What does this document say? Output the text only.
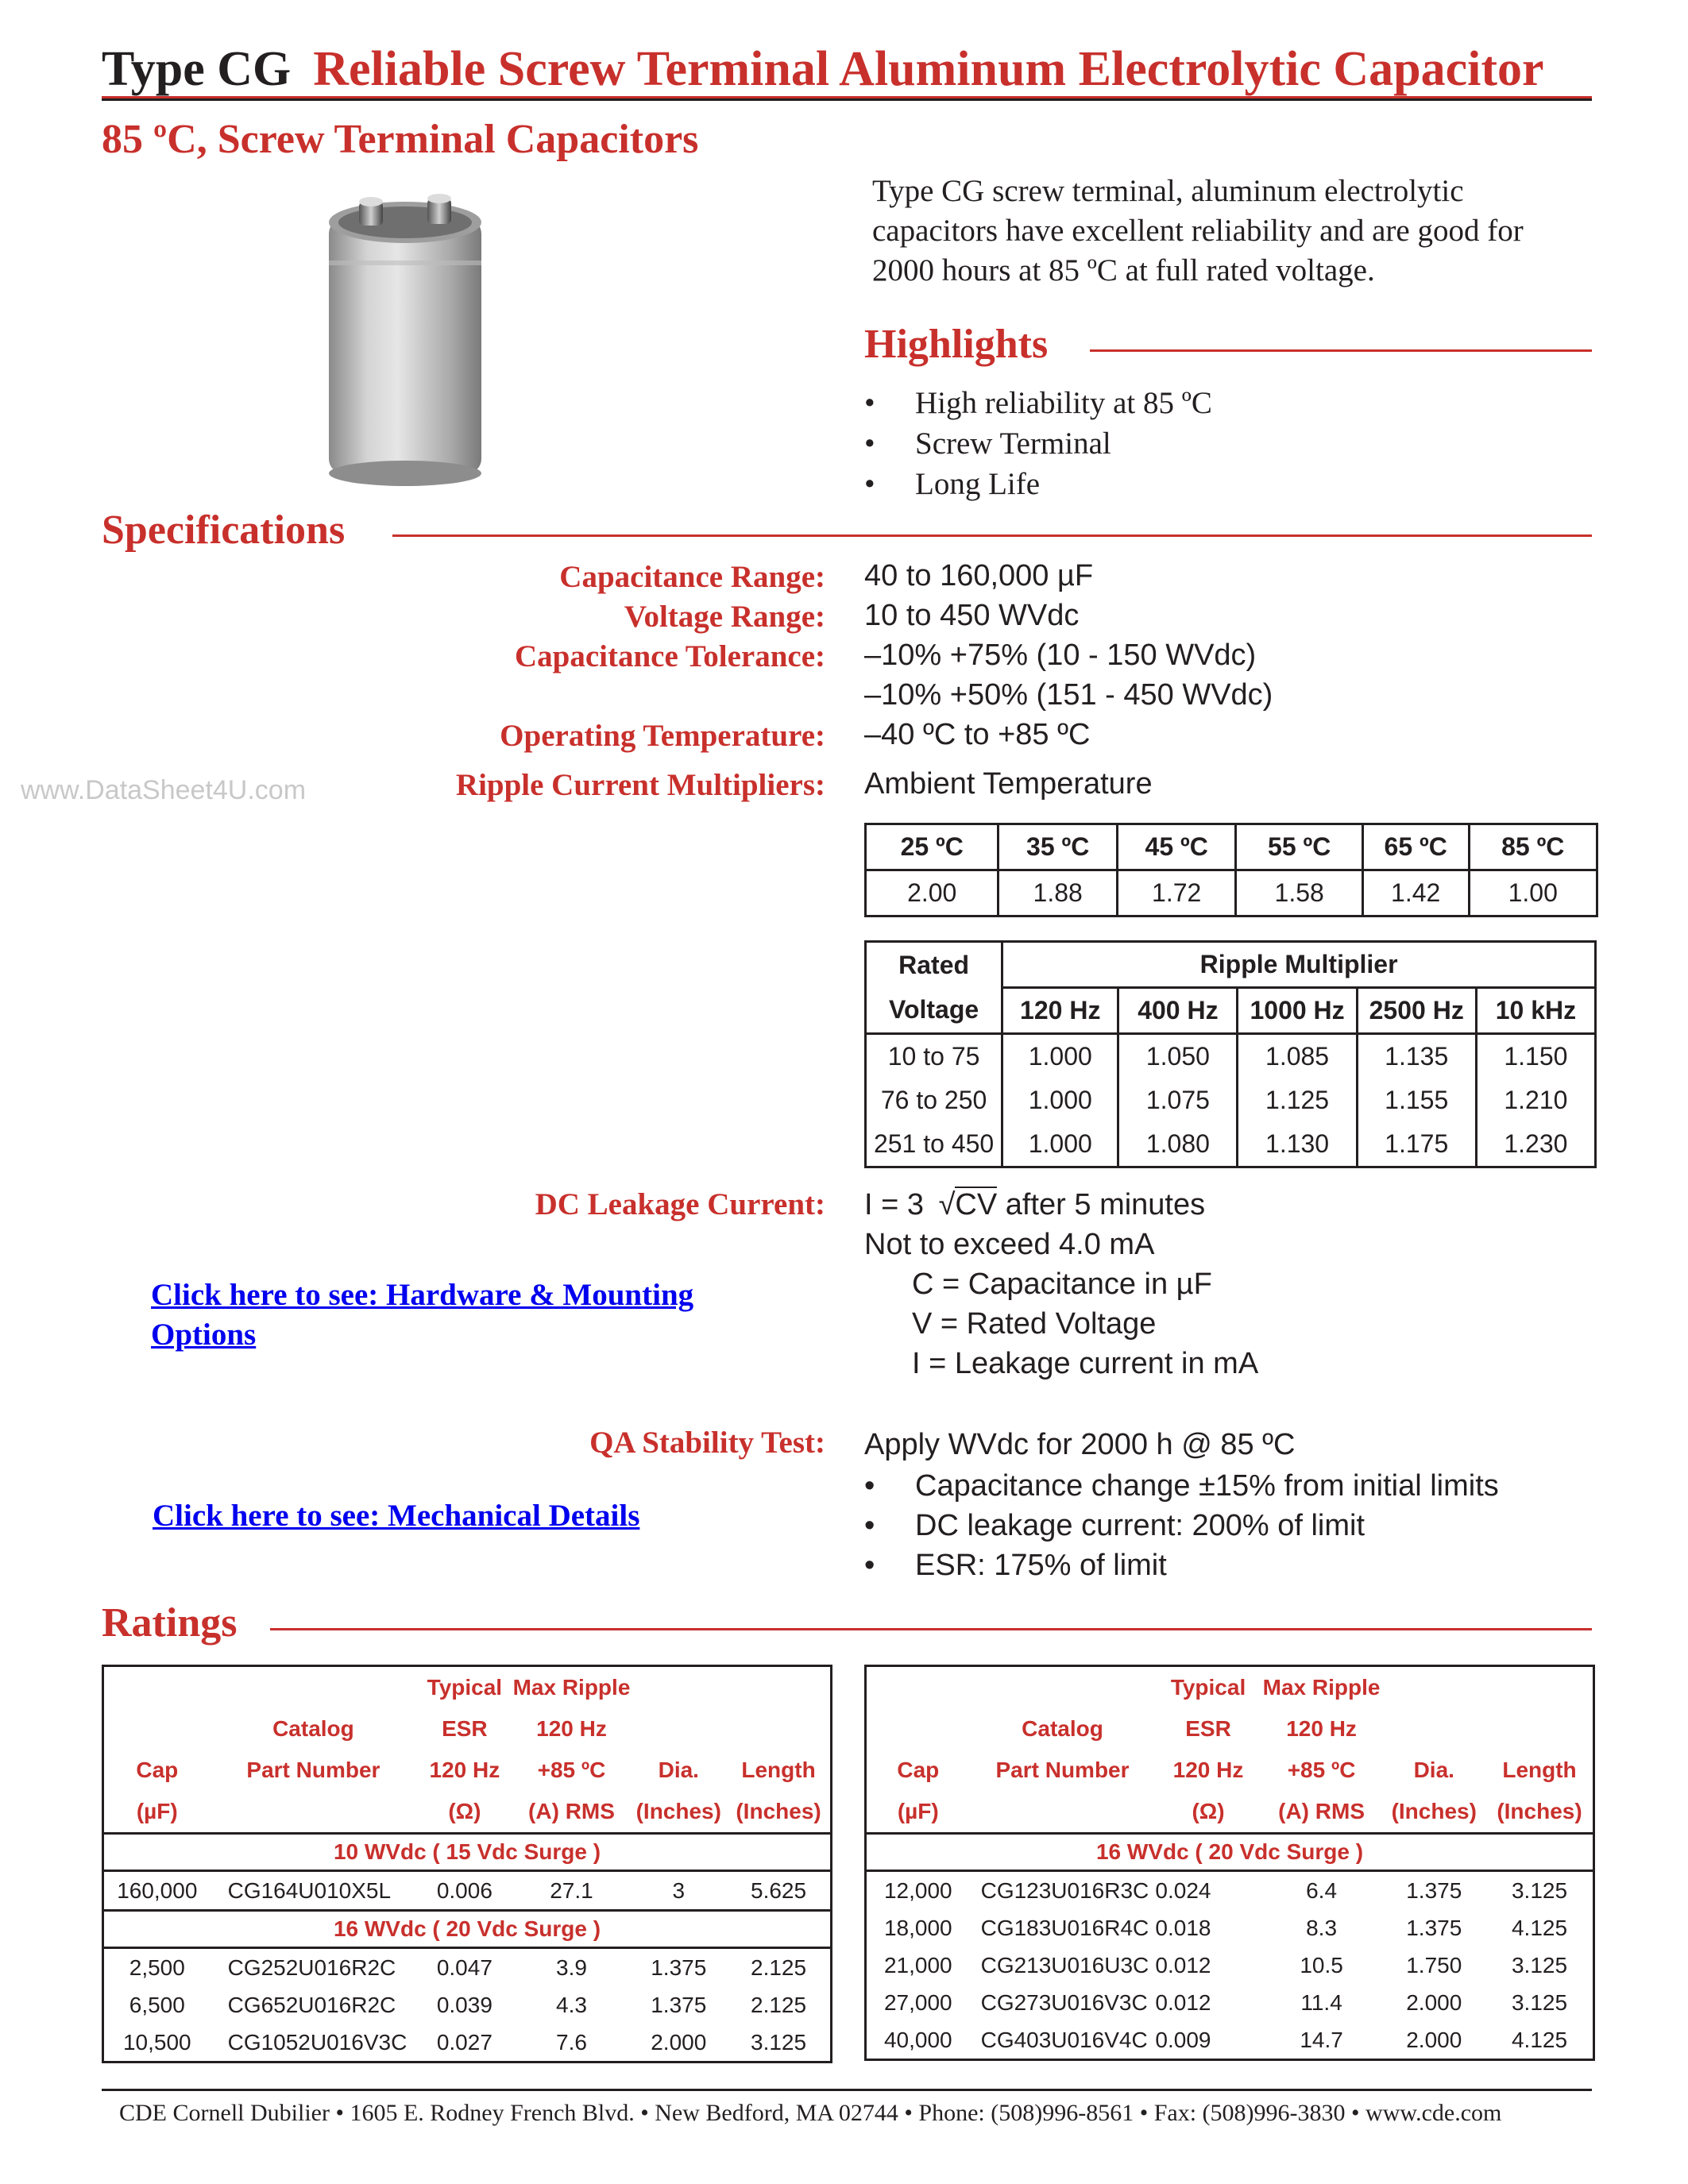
Type CG Reliable Screw Terminal Aluminum Electrolytic Capacitor
85 ºC, Screw Terminal Capacitors
Type CG screw terminal, aluminum electrolytic capacitors have excellent reliability and are good for 2000 hours at 85 ºC at full rated voltage.
Highlights
• High reliability at 85 ºC
• Screw Terminal
• Long Life
Specifications
Capacitance Range: 40 to 160,000 µF
Voltage Range: 10 to 450 WVdc
Capacitance Tolerance: –10% +75% (10 - 150 WVdc)
–10% +50% (151 - 450 WVdc)
Operating Temperature: –40 ºC to +85 ºC
www.DataSheet4U.com	Ripple Current Multipliers: Ambient Temperature
25 ºC	35 ºC	45 ºC	55 ºC	65 ºC	85 ºC
2.00	1.88	1.72	1.58	1.42	1.00
Rated	Ripple Multiplier				
Voltage	120 Hz	400 Hz	1000 Hz	2500 Hz	10 kHz
10 to 75	1.000	1.050	1.085	1.135	1.150
76 to 250	1.000	1.075	1.125	1.155	1.210
251 to 450	1.000	1.080	1.130	1.175	1.230
DC Leakage Current: I = 3 √CV after 5 minutes
Not to exceed 4.0 mA
C = Capacitance in µF
V = Rated Voltage
I = Leakage current in mA
Click here to see: Hardware & Mounting
Options
Click here to see: Mechanical Details
QA Stability Test: Apply WVdc for 2000 h @ 85 ºC
• Capacitance change ±15% from initial limits
• DC leakage current: 200% of limit
• ESR: 175% of limit
Ratings
		Typical	Max Ripple		
	Catalog	ESR	120 Hz		
Cap	Part Number	120 Hz	+85 ºC	Dia.	Length
(µF)		(Ω)	(A) RMS	(Inches)	(Inches)
10 WVdc ( 15 Vdc Surge )					
160,000	CG164U010X5L	0.006	27.1	3	5.625
16 WVdc ( 20 Vdc Surge )					
2,500	CG252U016R2C	0.047	3.9	1.375	2.125
6,500	CG652U016R2C	0.039	4.3	1.375	2.125
10,500	CG1052U016V3C	0.027	7.6	2.000	3.125
		Typical	Max Ripple		
	Catalog	ESR	120 Hz		
Cap	Part Number	120 Hz	+85 ºC	Dia.	Length
(µF)		(Ω)	(A) RMS	(Inches)	(Inches)
16 WVdc ( 20 Vdc Surge )					
12,000	CG123U016R3C	0.024	6.4	1.375	3.125
18,000	CG183U016R4C	0.018	8.3	1.375	4.125
21,000	CG213U016U3C	0.012	10.5	1.750	3.125
27,000	CG273U016V3C	0.012	11.4	2.000	3.125
40,000	CG403U016V4C	0.009	14.7	2.000	4.125
CDE Cornell Dubilier • 1605 E. Rodney French Blvd. • New Bedford, MA 02744 • Phone: (508)996-8561 • Fax: (508)996-3830 • www.cde.com
